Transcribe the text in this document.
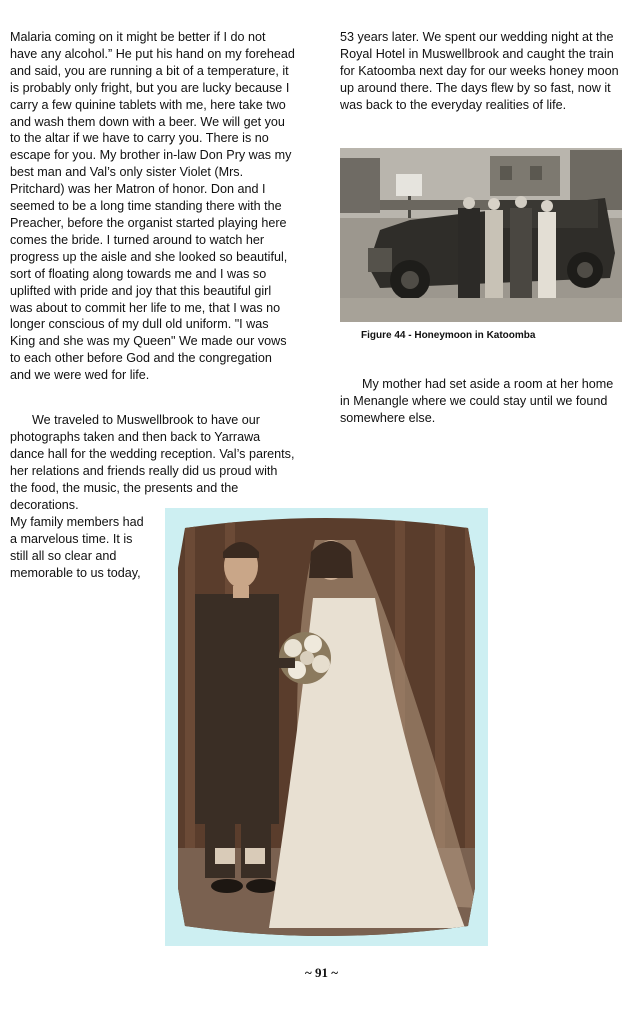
Malaria coming on it might be better if I do not have any alcohol.” He put his hand on my forehead and said, you are running a bit of a temperature, it is probably only fright, but you are lucky because I carry a few quinine tablets with me, here take two and wash them down with a beer. We will get you to the altar if we have to carry you. There is no escape for you. My brother in-law Don Pry was my best man and Val’s only sister Violet (Mrs. Pritchard) was her Matron of honor. Don and I seemed to be a long time standing there with the Preacher, before the organist started playing here comes the bride. I turned around to watch her progress up the aisle and she looked so beautiful, sort of floating along towards me and I was so uplifted with pride and joy that this beautiful girl was about to commit her life to me, that I was no longer conscious of my dull old uniform. "I was King and she was my Queen" We made our vows to each other before God and the congregation and we were wed for life.

We traveled to Muswellbrook to have our photographs taken and then back to Yarrawa dance hall for the wedding reception. Val’s parents, her relations and friends really did us proud with the food, the music, the presents and the decorations.

My family members had a marvelous time. It is still all so clear and memorable to us today,

53 years later. We spent our wedding night at the Royal Hotel in Muswellbrook and caught the train for Katoomba next day for our weeks honey moon up around there. The days flew by so fast, now it was back to the everyday realities of life.

Figure 44 - Honeymoon in Katoomba

My mother had set aside a room at her home in Menangle where we could stay until we found somewhere else.

~ 91 ~
